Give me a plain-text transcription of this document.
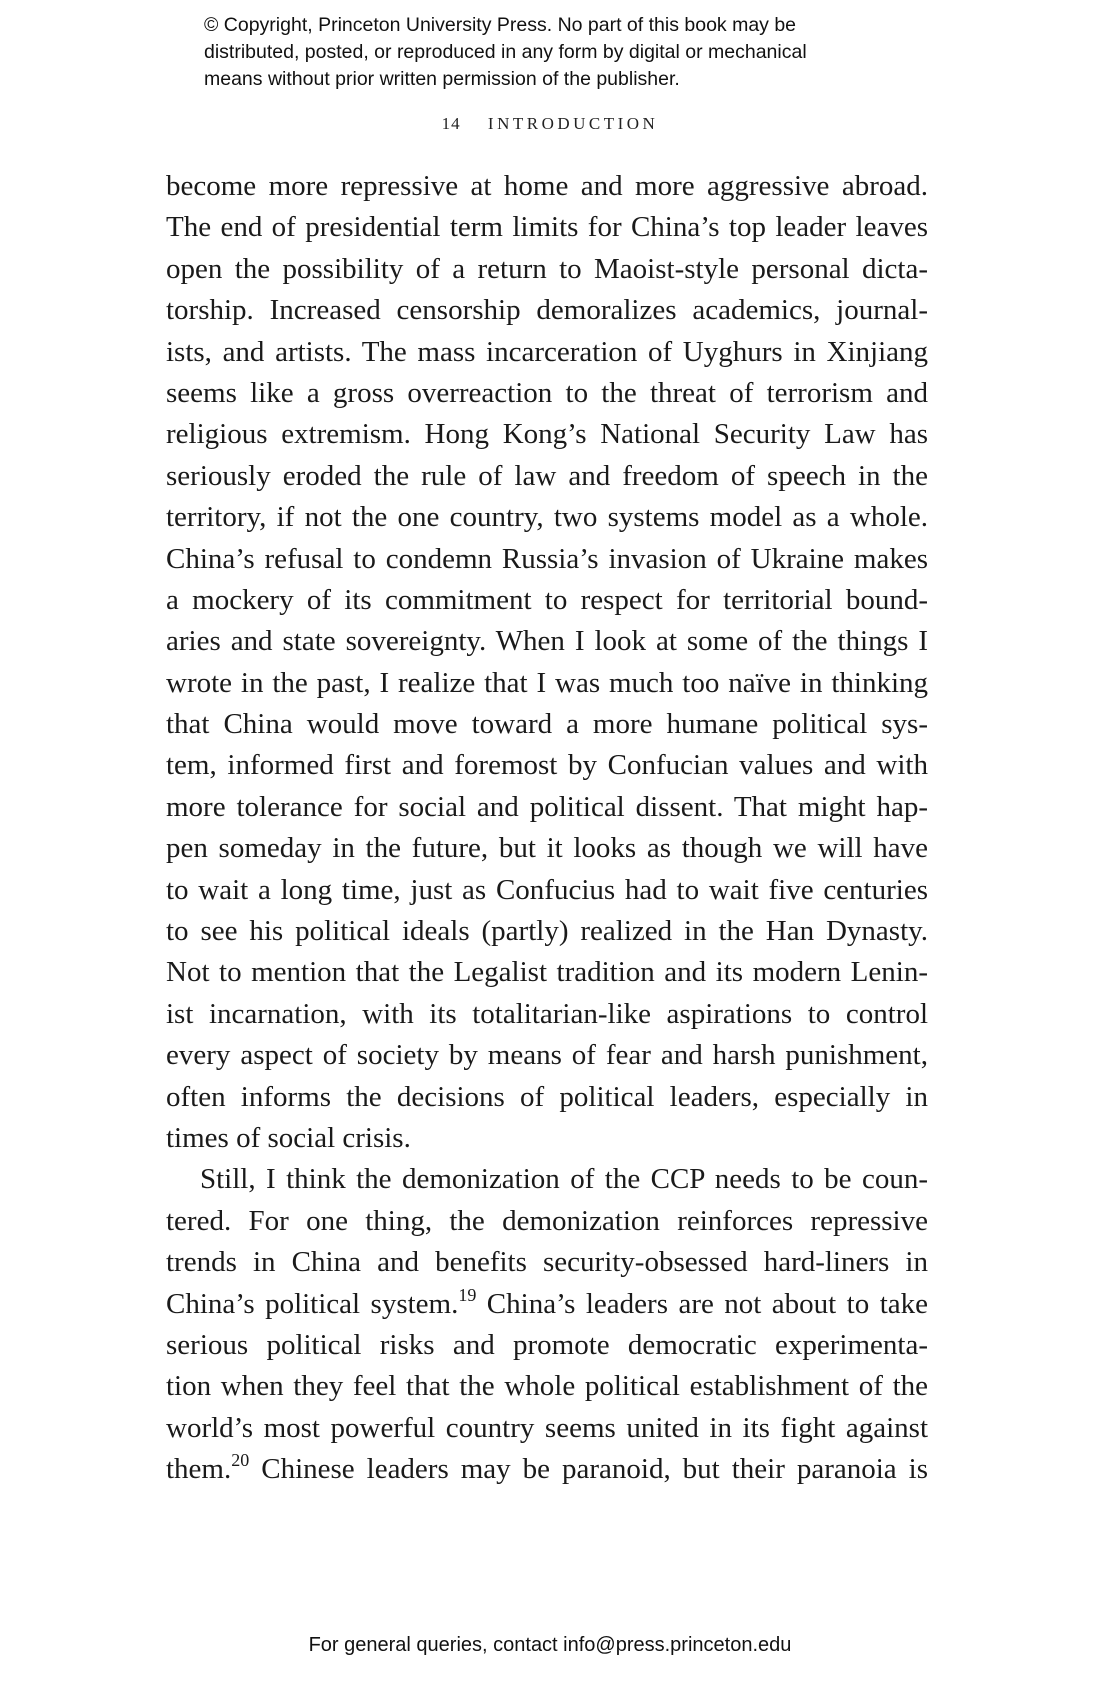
© Copyright, Princeton University Press. No part of this book may be
distributed, posted, or reproduced in any form by digital or mechanical
means without prior written permission of the publisher.
14 INTRODUCTION
become more repressive at home and more aggressive abroad.
The end of presidential term limits for China’s top leader leaves
open the possibility of a return to Maoist-style personal dicta-
torship. Increased censorship demoralizes academics, journal-
ists, and artists. The mass incarceration of Uyghurs in Xinjiang
seems like a gross overreaction to the threat of terrorism and
religious extremism. Hong Kong’s National Security Law has
seriously eroded the rule of law and freedom of speech in the
territory, if not the one country, two systems model as a whole.
China’s refusal to condemn Russia’s invasion of Ukraine makes
a mockery of its commitment to respect for territorial bound-
aries and state sovereignty. When I look at some of the things I
wrote in the past, I realize that I was much too naïve in thinking
that China would move toward a more humane political sys-
tem, informed first and foremost by Confucian values and with
more tolerance for social and political dissent. That might hap-
pen someday in the future, but it looks as though we will have
to wait a long time, just as Confucius had to wait five centuries
to see his political ideals (partly) realized in the Han Dynasty.
Not to mention that the Legalist tradition and its modern Lenin-
ist incarnation, with its totalitarian-like aspirations to control
every aspect of society by means of fear and harsh punishment,
often informs the decisions of political leaders, especially in
times of social crisis.
Still, I think the demonization of the CCP needs to be coun-
tered. For one thing, the demonization reinforces repressive
trends in China and benefits security-obsessed hard-liners in
China’s political system.$^{19}$ China’s leaders are not about to take
serious political risks and promote democratic experimenta-
tion when they feel that the whole political establishment of the
world’s most powerful country seems united in its fight against
them.$^{20}$ Chinese leaders may be paranoid, but their paranoia is
For general queries, contact info@press.princeton.edu
